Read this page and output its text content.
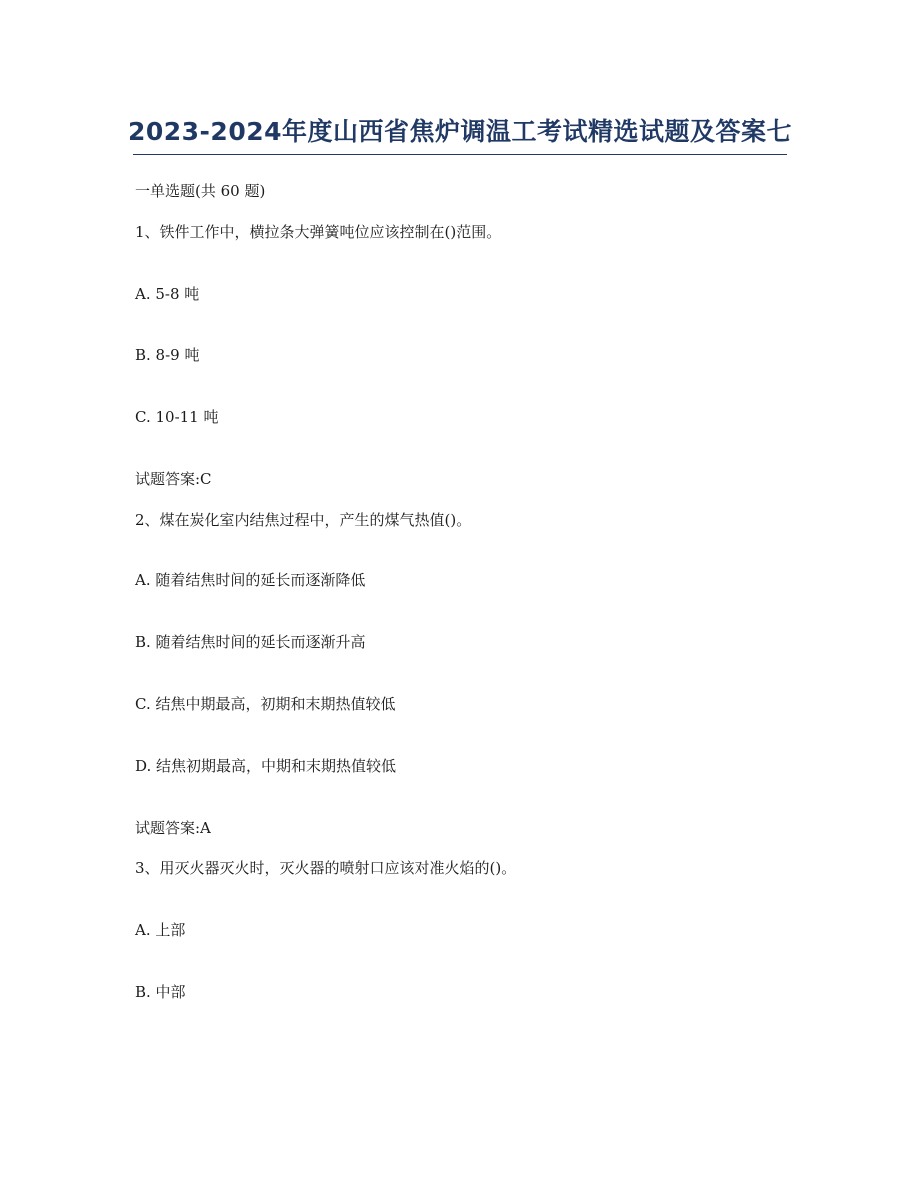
2023-2024年度山西省焦炉调温工考试精选试题及答案七
一单选题(共 60 题)
1、铁件工作中，横拉条大弹簧吨位应该控制在()范围。
A. 5-8 吨
B. 8-9 吨
C. 10-11 吨
试题答案:C
2、煤在炭化室内结焦过程中，产生的煤气热值()。
A. 随着结焦时间的延长而逐渐降低
B. 随着结焦时间的延长而逐渐升高
C. 结焦中期最高，初期和末期热值较低
D. 结焦初期最高，中期和末期热值较低
试题答案:A
3、用灭火器灭火时，灭火器的喷射口应该对准火焰的()。
A. 上部
B. 中部
